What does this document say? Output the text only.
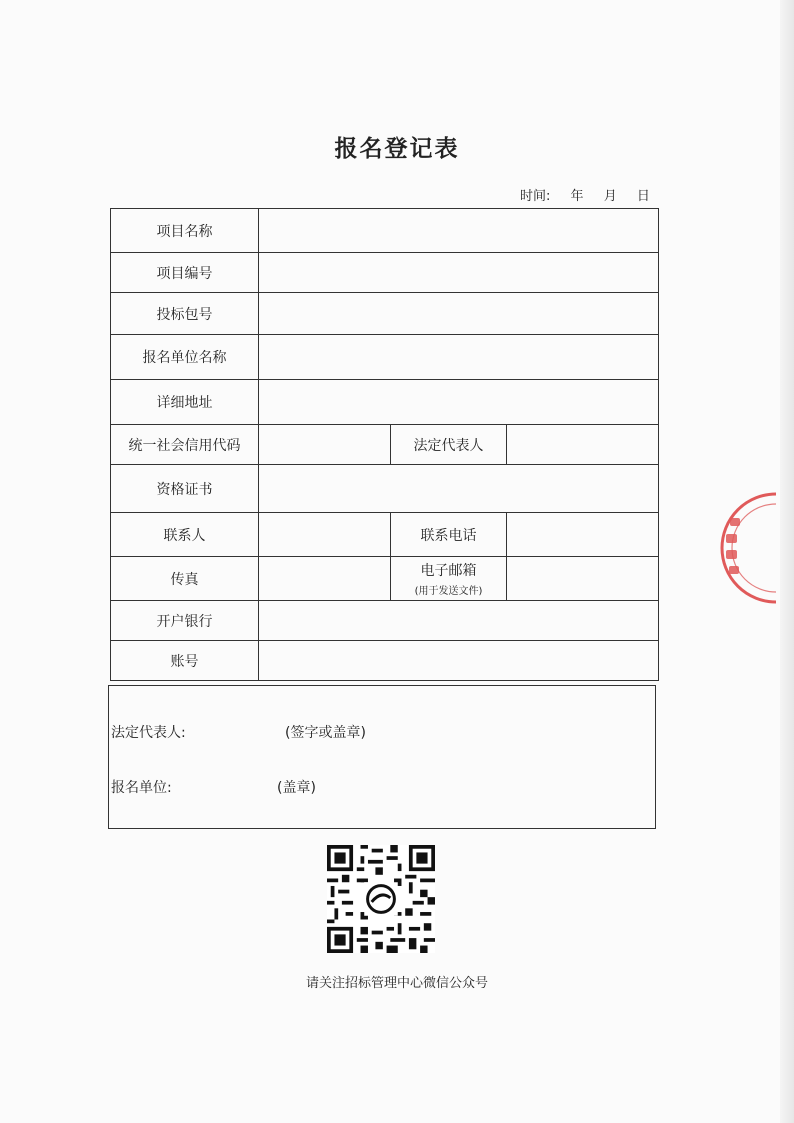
报名登记表
时间: 年 月 日
项目名称			
项目编号			
投标包号			
报名单位名称			
详细地址			
统一社会信用代码		法定代表人	
资格证书			
联系人		联系电话	
传真		电子邮箱
(用于发送文件)	

开户银行			
账号			
法定代表人:	(签字或盖章)
报名单位:	(盖章)
请关注招标管理中心微信公众号
